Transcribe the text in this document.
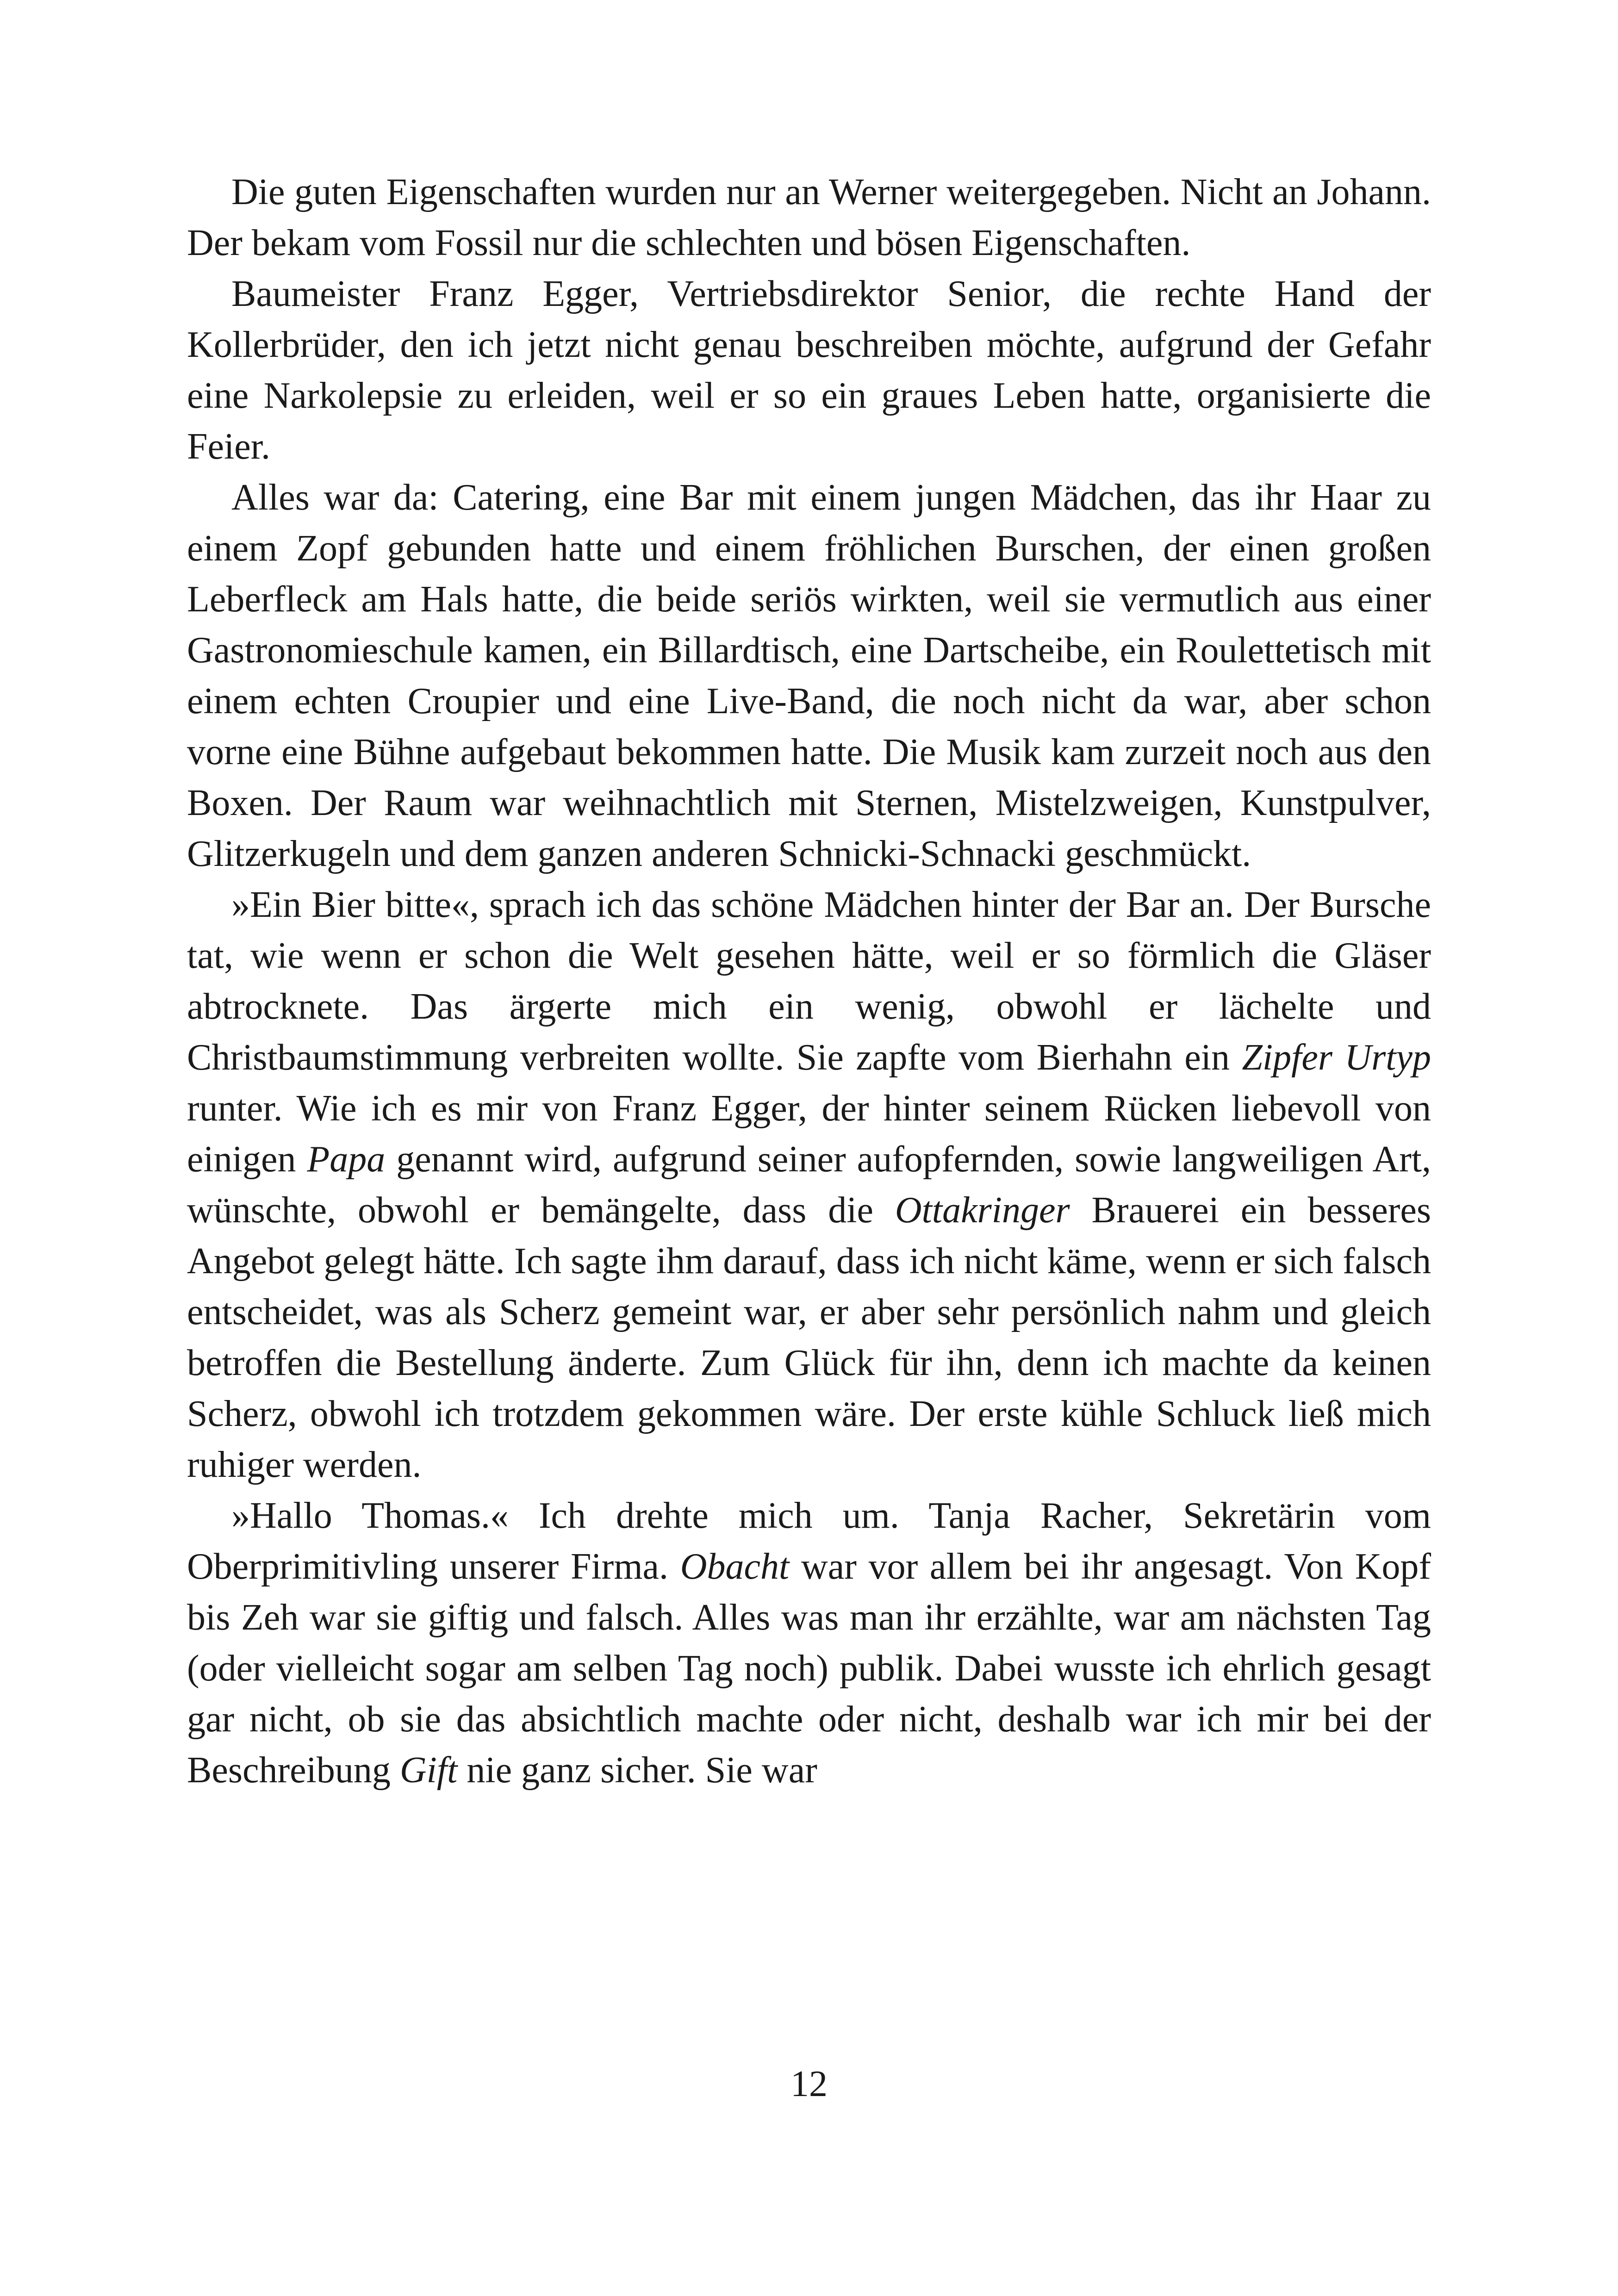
Die guten Eigenschaften wurden nur an Werner weitergegeben. Nicht an Johann. Der bekam vom Fossil nur die schlechten und bösen Eigenschaften.

Baumeister Franz Egger, Vertriebsdirektor Senior, die rechte Hand der Kollerbrüder, den ich jetzt nicht genau beschreiben möchte, aufgrund der Gefahr eine Narkolepsie zu erleiden, weil er so ein graues Leben hatte, organisierte die Feier.

Alles war da: Catering, eine Bar mit einem jungen Mädchen, das ihr Haar zu einem Zopf gebunden hatte und einem fröhlichen Burschen, der einen großen Leberfleck am Hals hatte, die beide seriös wirkten, weil sie vermutlich aus einer Gastronomieschule kamen, ein Billardtisch, eine Dartscheibe, ein Roulettetisch mit einem echten Croupier und eine Live-Band, die noch nicht da war, aber schon vorne eine Bühne aufgebaut bekommen hatte. Die Musik kam zurzeit noch aus den Boxen. Der Raum war weihnachtlich mit Sternen, Mistelzweigen, Kunstpulver, Glitzerkugeln und dem ganzen anderen Schnicki-Schnacki geschmückt.

»Ein Bier bitte«, sprach ich das schöne Mädchen hinter der Bar an. Der Bursche tat, wie wenn er schon die Welt gesehen hätte, weil er so förmlich die Gläser abtrocknete. Das ärgerte mich ein wenig, obwohl er lächelte und Christbaumstimmung verbreiten wollte. Sie zapfte vom Bierhahn ein Zipfer Urtyp runter. Wie ich es mir von Franz Egger, der hinter seinem Rücken liebevoll von einigen Papa genannt wird, aufgrund seiner aufopfernden, sowie langweiligen Art, wünschte, obwohl er bemängelte, dass die Ottakringer Brauerei ein besseres Angebot gelegt hätte. Ich sagte ihm darauf, dass ich nicht käme, wenn er sich falsch entscheidet, was als Scherz gemeint war, er aber sehr persönlich nahm und gleich betroffen die Bestellung änderte. Zum Glück für ihn, denn ich machte da keinen Scherz, obwohl ich trotzdem gekommen wäre. Der erste kühle Schluck ließ mich ruhiger werden.

»Hallo Thomas.« Ich drehte mich um. Tanja Racher, Sekretärin vom Oberprimitivling unserer Firma. Obacht war vor allem bei ihr angesagt. Von Kopf bis Zeh war sie giftig und falsch. Alles was man ihr erzählte, war am nächsten Tag (oder vielleicht sogar am selben Tag noch) publik. Dabei wusste ich ehrlich gesagt gar nicht, ob sie das absichtlich machte oder nicht, deshalb war ich mir bei der Beschreibung Gift nie ganz sicher. Sie war

12
